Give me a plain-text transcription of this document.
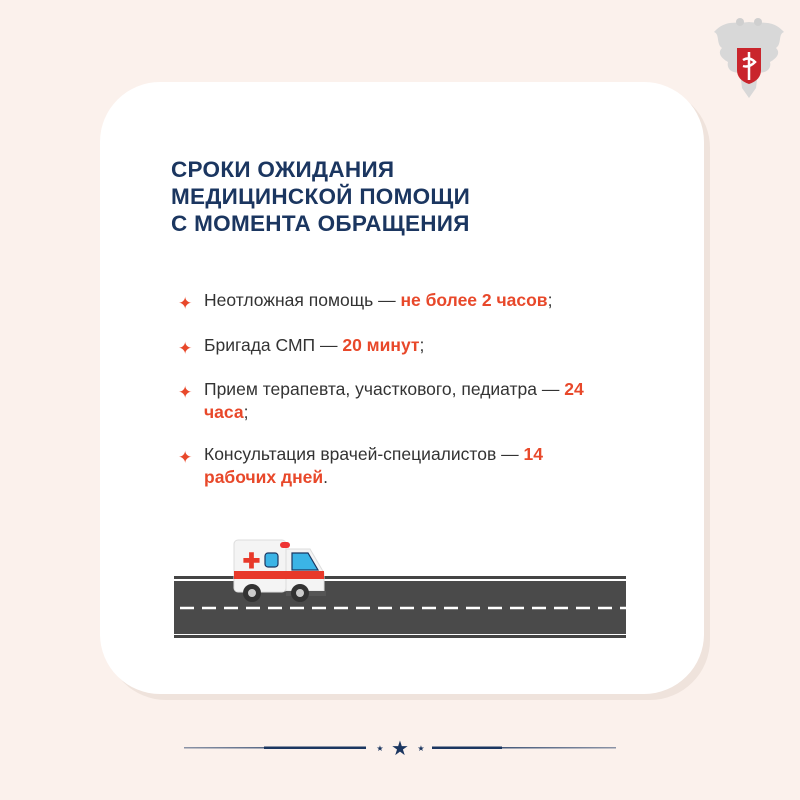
СРОКИ ОЖИДАНИЯ
МЕДИЦИНСКОЙ ПОМОЩИ
С МОМЕНТА ОБРАЩЕНИЯ
✦ Неотложная помощь — не более 2 часов;
✦ Бригада СМП — 20 минут;
✦ Прием терапевта, участкового, педиатра — 24 часа;
✦ Консультация врачей-специалистов — 14 рабочих дней.
★ ★ ★
